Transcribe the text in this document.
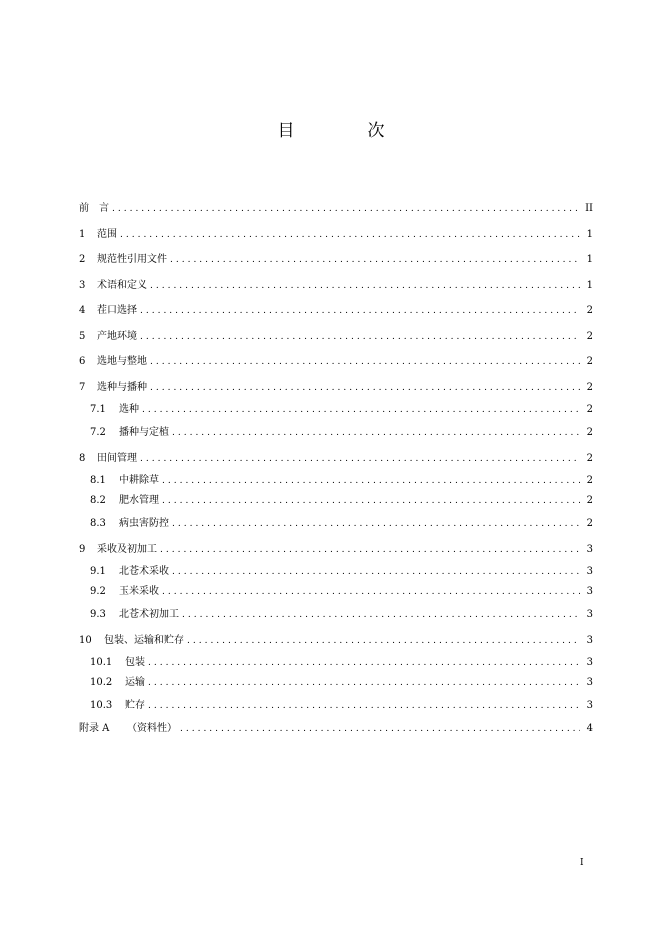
目　次
前　言 .....	II
1	范围 .....	1
2	规范性引用文件 .....	1
3	术语和定义 .....	1
4	茬口选择 .....	2
5	产地环境 .....	2
6	选地与整地 .....	2
7	选种与播种 .....	2
7.1	选种 .....	2
7.2	播种与定植 .....	2
8	田间管理 .....	2
8.1	中耕除草 .....	2
8.2	肥水管理 .....	2
8.3	病虫害防控 .....	2
9	采收及初加工 .....	3
9.1	北苍术采收 .....	3
9.2	玉米采收 .....	3
9.3	北苍术初加工 .....	3
10	包装、运输和贮存 .....	3
10.1	包装 .....	3
10.2	运输 .....	3
10.3	贮存 .....	3
附录 A	（资料性） .....	4
I
